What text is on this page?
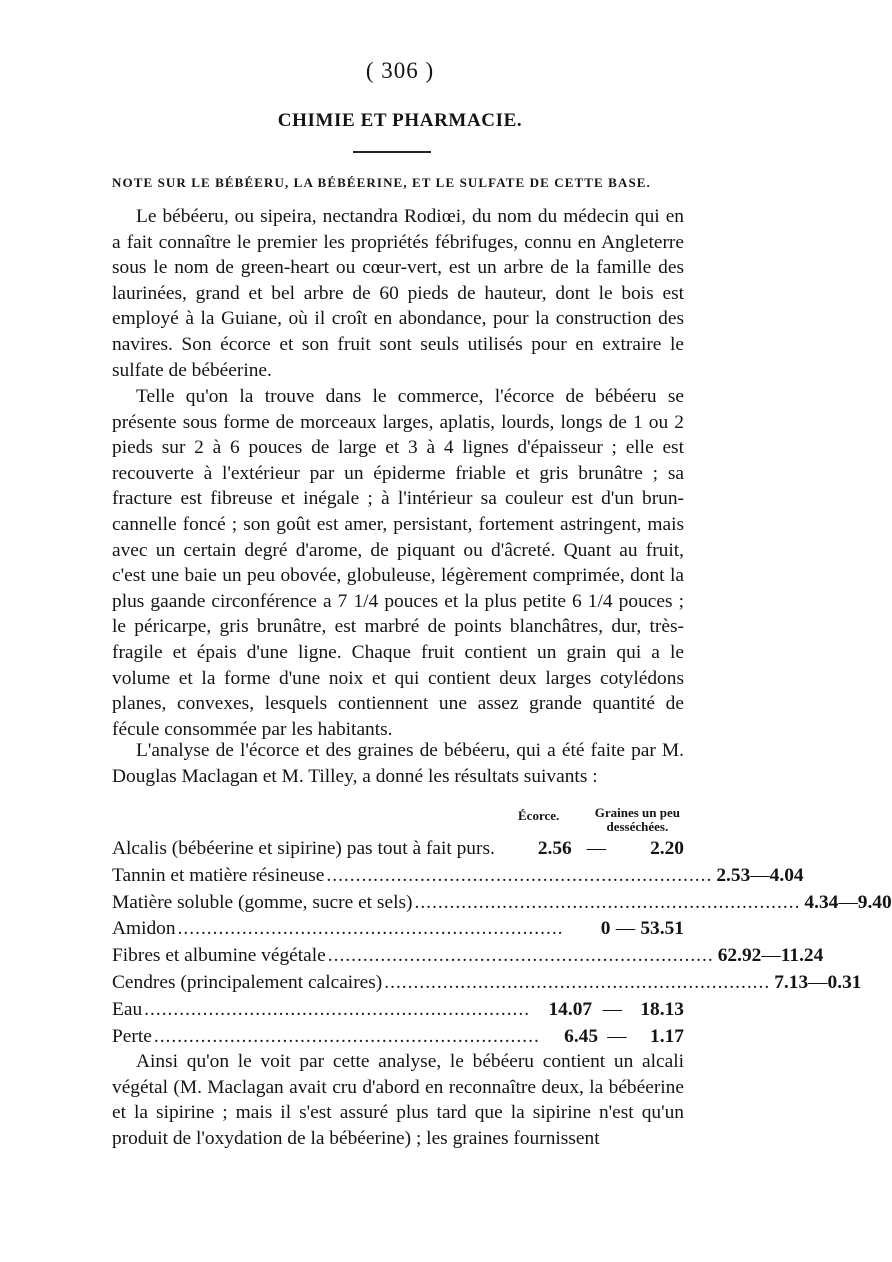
( 306 )
CHIMIE ET PHARMACIE.
NOTE SUR LE BÉBÉERU, LA BÉBÉERINE, ET LE SULFATE DE CETTE BASE.

Le bébéeru, ou sipeira, nectandra Rodiœi, du nom du médecin qui en a fait connaître le premier les propriétés fébrifuges, connu en Angleterre sous le nom de green-heart ou cœur-vert, est un arbre de la famille des laurinées, grand et bel arbre de 60 pieds de hauteur, dont le bois est employé à la Guiane, où il croît en abondance, pour la construction des navires. Son écorce et son fruit sont seuls utilisés pour en extraire le sulfate de bébéerine.

Telle qu'on la trouve dans le commerce, l'écorce de bébéeru se présente sous forme de morceaux larges, aplatis, lourds, longs de 1 ou 2 pieds sur 2 à 6 pouces de large et 3 à 4 lignes d'épaisseur ; elle est recouverte à l'extérieur par un épiderme friable et gris brunâtre ; sa fracture est fibreuse et inégale ; à l'intérieur sa couleur est d'un brun-cannelle foncé ; son goût est amer, persistant, fortement astringent, mais avec un certain degré d'arome, de piquant ou d'âcreté. Quant au fruit, c'est une baie un peu obovée, globuleuse, légèrement comprimée, dont la plus gaande circonférence a 7 1/4 pouces et la plus petite 6 1/4 pouces ; le péricarpe, gris brunâtre, est marbré de points blanchâtres, dur, très-fragile et épais d'une ligne. Chaque fruit contient un grain qui a le volume et la forme d'une noix et qui contient deux larges cotylédons planes, convexes, lesquels contiennent une assez grande quantité de fécule consommée par les habitants.

L'analyse de l'écorce et des graines de bébéeru, qui a été faite par M. Douglas Maclagan et M. Tilley, a donné les résultats suivants :

Écorce.	Graines un peu
desséchées.
Alcalis (bébéerine et sipirine) pas tout à fait purs.	2.56 —	2.20
Tannin et matière résineuse .................................................................. 2.53 — 4.04
Matière soluble (gomme, sucre et sels) .................................................................. 4.34 — 9.40
Amidon ..................................................................	0 — 53.51
Fibres et albumine végétale .................................................................. 62.92 — 11.24
Cendres (principalement calcaires) .................................................................. 7.13 — 0.31
Eau .................................................................. 14.07 — 18.13
Perte ..................................................................	6.45 —	1.17

Ainsi qu'on le voit par cette analyse, le bébéeru contient un alcali végétal (M. Maclagan avait cru d'abord en reconnaître deux, la bébéerine et la sipirine ; mais il s'est assuré plus tard que la sipirine n'est qu'un produit de l'oxydation de la bébéerine) ; les graines fournissent
